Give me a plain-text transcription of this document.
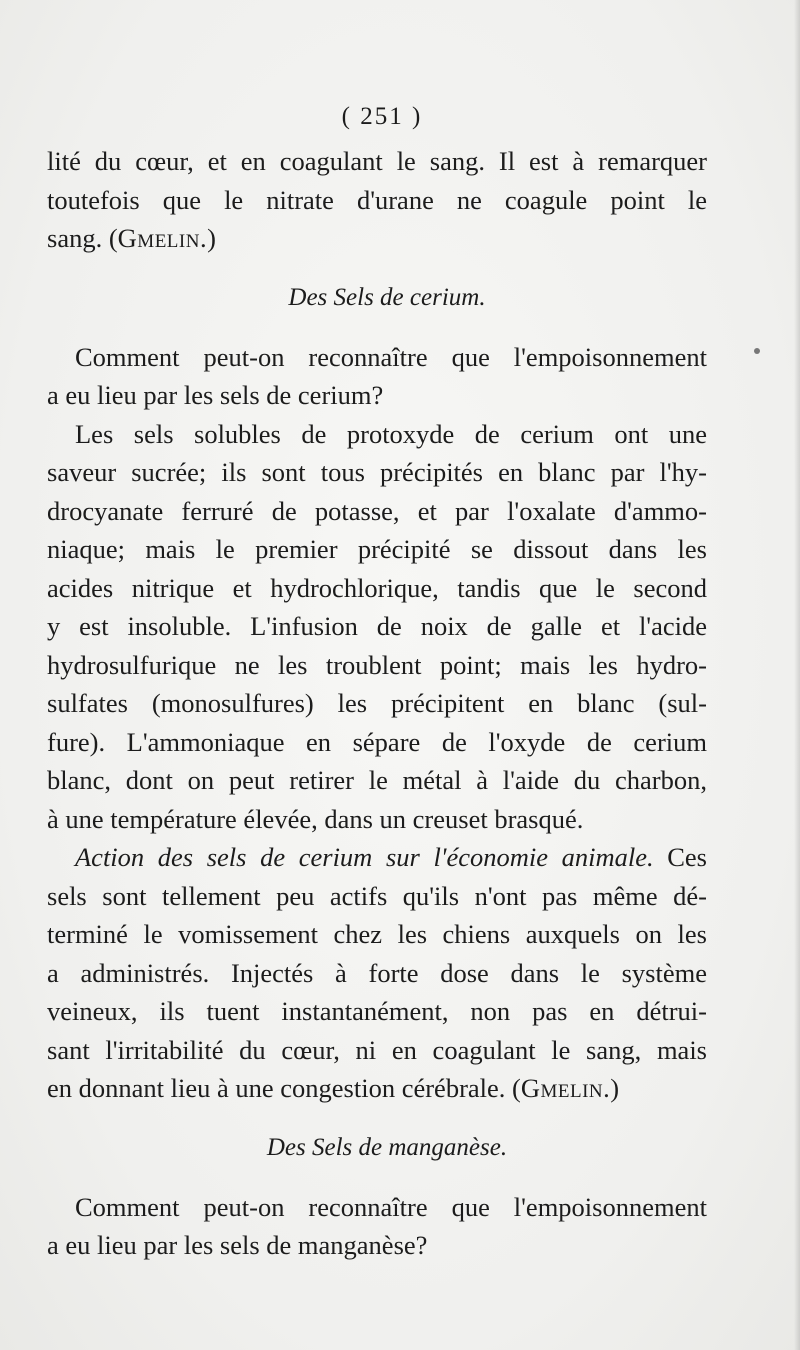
( 251 )
lité du cœur, et en coagulant le sang. Il est à remarquer
toutefois que le nitrate d'urane ne coagule point le
sang. (Gmelin.)
Des Sels de cerium.
Comment peut-on reconnaître que l'empoisonnement
a eu lieu par les sels de cerium?
Les sels solubles de protoxyde de cerium ont une
saveur sucrée; ils sont tous précipités en blanc par l'hy-
drocyanate ferruré de potasse, et par l'oxalate d'ammo-
niaque; mais le premier précipité se dissout dans les
acides nitrique et hydrochlorique, tandis que le second
y est insoluble. L'infusion de noix de galle et l'acide
hydrosulfurique ne les troublent point; mais les hydro-
sulfates (monosulfures) les précipitent en blanc (sul-
fure). L'ammoniaque en sépare de l'oxyde de cerium
blanc, dont on peut retirer le métal à l'aide du charbon,
à une température élevée, dans un creuset brasqué.
Action des sels de cerium sur l'économie animale. Ces
sels sont tellement peu actifs qu'ils n'ont pas même dé-
terminé le vomissement chez les chiens auxquels on les
a administrés. Injectés à forte dose dans le système
veineux, ils tuent instantanément, non pas en détrui-
sant l'irritabilité du cœur, ni en coagulant le sang, mais
en donnant lieu à une congestion cérébrale. (Gmelin.)
Des Sels de manganèse.
Comment peut-on reconnaître que l'empoisonnement
a eu lieu par les sels de manganèse?
